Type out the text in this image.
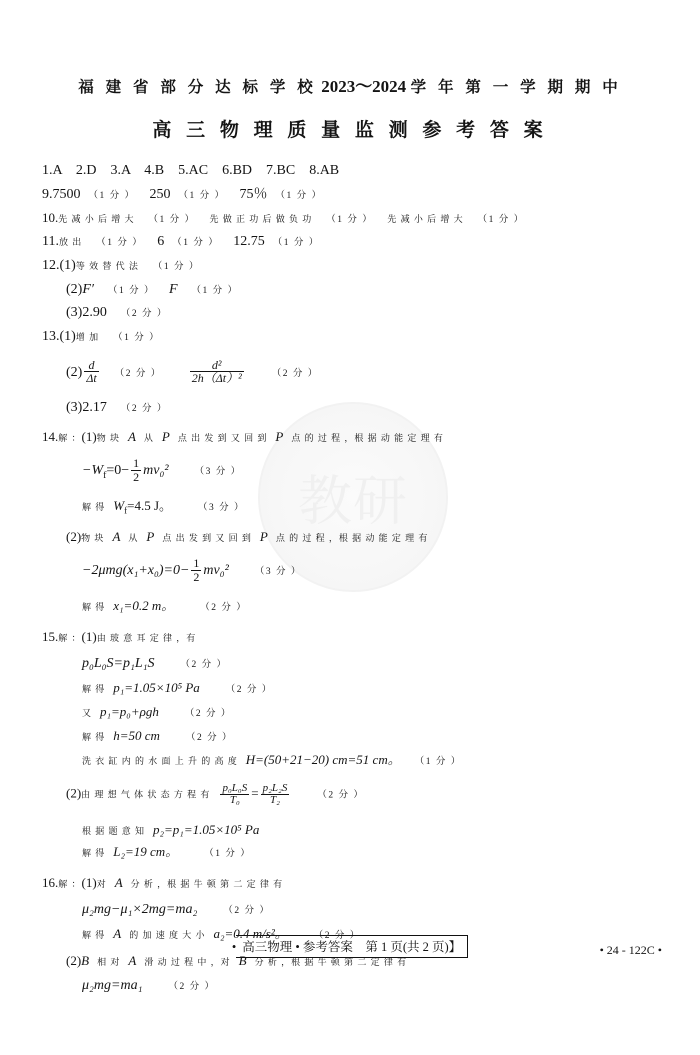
教研
福 建 省 部 分 达 标 学 校 2023～2024 学 年 第 一 学 期 期 中
高 三 物 理 质 量 监 测 参 考 答 案
1.A　2.D　3.A　4.B　5.AC　6.BD　7.BC　8.AB
9.7500 （1 分 ） 250 （1 分 ） 75％ （1 分 ）
10.先 减 小 后 增 大 （1 分 ） 先 做 正 功 后 做 负 功 （1 分 ） 先 减 小 后 增 大 （1 分 ）
11.放 出 （1 分 ） 6 （1 分 ） 12.75 （1 分 ）
12.(1)等 效 替 代 法 （1 分 ）
(2)F′ （1 分 ） F （1 分 ）
(3)2.90 （2 分 ）
13.(1)增 加 （1 分 ）
$(2) \frac{d}{\Delta t} (2$ 分 ） $\frac{\text{d²}}{\text{2h（Δt）²}}$	（2 分 ）
(3)2.17 （2 分 ）
14.解 ：(1)物 块 A 从 P 点 出 发 到 又 回 到 P 点 的 过 程 ，根 据 动 能 定 理 有
$-W_f=0- \frac{1}{2} mv_0^2$	（3 分 ）
解 得 $W_f=4.5$ J。	（3 分 ）
(2)物 块 A 从 P 点 出 发 到 又 回 到 P 点 的 过 程 ，根 据 动 能 定 理 有
$-2\mu mg(x_1+x_0)=0- \frac{1}{2} mv_0^2$	（3 分 ）
解 得 x₁=0.2 m。	（2 分 ）
15.解 ：(1)由 玻 意 耳 定 律 ，有
p₀L₀S=p₁L₁S	（2 分 ）
解 得 p₁=1.05×10⁵ Pa	（2 分 ）
又 p₁=p₀+ρgh	（2 分 ）
解 得 h=50 cm	（2 分 ）
洗 衣 缸 内 的 水 面 上 升 的 高 度 H=(50+21−20) cm=51 cm。 （1 分 ）
(2)由 理 想 气 体 状 态 方 程 有 $\frac{\text{p₀L₀S}}{\text{T₀}} = \frac{\text{p₂L₂S}}{\text{T₂}}$	（2 分 ）
根 据 题 意 知 p₂=p₁=1.05×10⁵ Pa
解 得 L₂=19 cm。	（1 分 ）
16.解 ：(1)对 A 分 析 ，根 据 牛 顿 第 二 定 律 有
μ₂mg−μ₁×2mg=ma₂	（2 分 ）
解 得 A 的 加 速 度 大 小 a₂=0.4 m/s²。	（2 分 ）
(2)B 相 对 A 滑 动 过 程 中 ，对 B 分 析 ，根 据 牛 顿 第 二 定 律 有
μ₂mg=ma₁	（2 分 ）
• 高三物理 • 参考答案　第 1 页(共 2 页)】	• 24 - 122C •
